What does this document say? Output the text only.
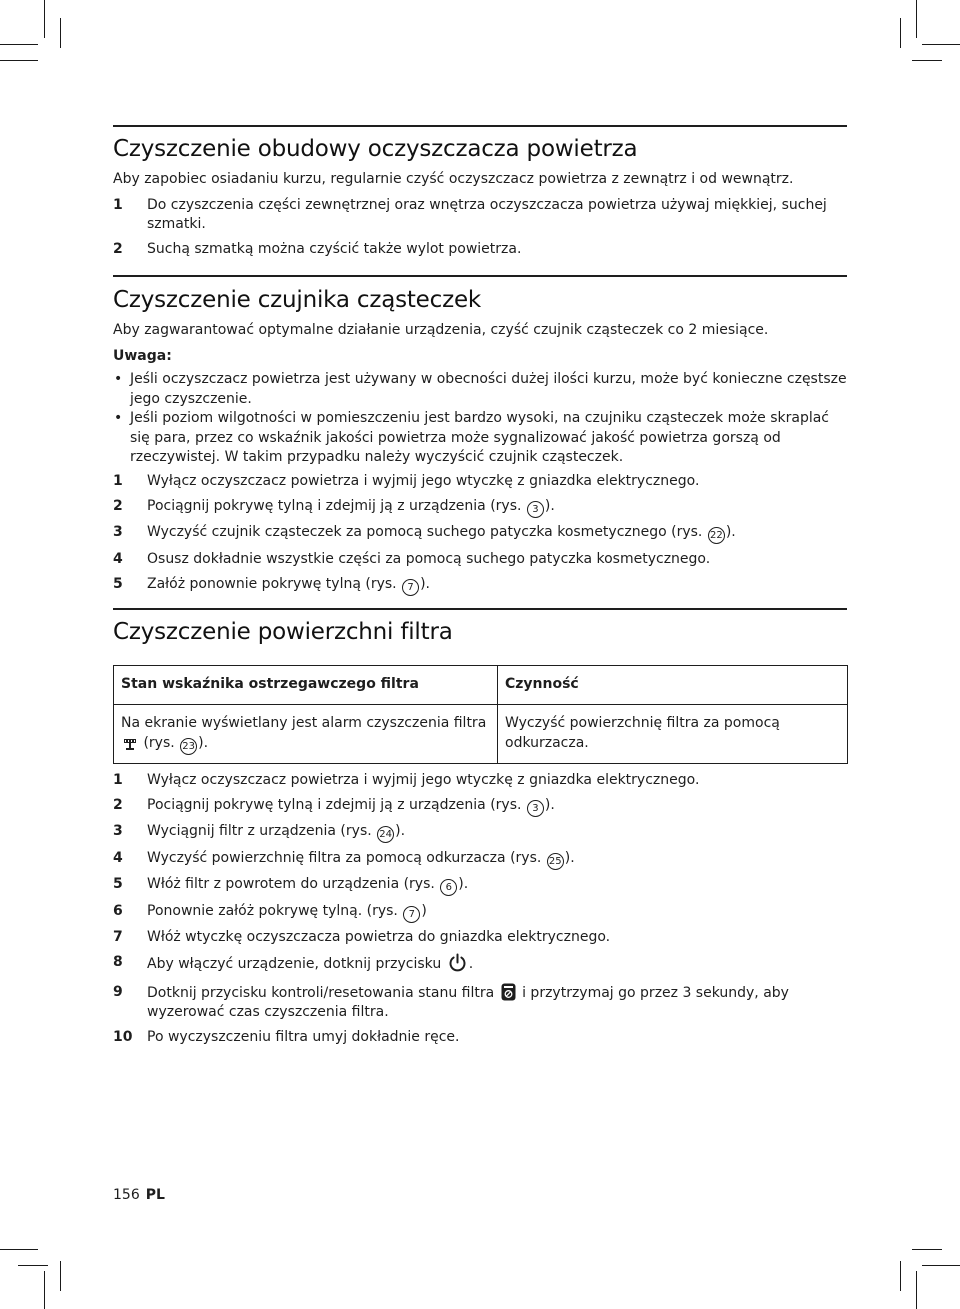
Czyszczenie obudowy oczyszczacza powietrza

Aby zapobiec osiadaniu kurzu, regularnie czyść oczyszczacz powietrza z zewnątrz i od wewnątrz.

1 Do czyszczenia części zewnętrznej oraz wnętrza oczyszczacza powietrza używaj miękkiej, suchej szmatki.
2 Suchą szmatką można czyścić także wylot powietrza.
Czyszczenie czujnika cząsteczek

Aby zagwarantować optymalne działanie urządzenia, czyść czujnik cząsteczek co 2 miesiące.

Uwaga:

• Jeśli oczyszczacz powietrza jest używany w obecności dużej ilości kurzu, może być konieczne częstsze jego czyszczenie.
• Jeśli poziom wilgotności w pomieszczeniu jest bardzo wysoki, na czujniku cząsteczek może skraplać się para, przez co wskaźnik jakości powietrza może sygnalizować jakość powietrza gorszą od rzeczywistej. W takim przypadku należy wyczyścić czujnik cząsteczek.
1 Wyłącz oczyszczacz powietrza i wyjmij jego wtyczkę z gniazdka elektrycznego.
2 Pociągnij pokrywę tylną i zdejmij ją z urządzenia (rys. 3 ).
3 Wyczyść czujnik cząsteczek za pomocą suchego patyczka kosmetycznego (rys. 22 ).
4 Osusz dokładnie wszystkie części za pomocą suchego patyczka kosmetycznego.
5 Załóż ponownie pokrywę tylną (rys. 7 ).
Czyszczenie powierzchni filtra
Stan wskaźnika ostrzegawczego filtra	Czynność
Na ekranie wyświetlany jest alarm czyszczenia filtra
(rys. 23 ).	Wyczyść powierzchnię filtra za pomocą odkurzacza.
1 Wyłącz oczyszczacz powietrza i wyjmij jego wtyczkę z gniazdka elektrycznego.
2 Pociągnij pokrywę tylną i zdejmij ją z urządzenia (rys. 3 ).
3 Wyciągnij filtr z urządzenia (rys. 24 ).
4 Wyczyść powierzchnię filtra za pomocą odkurzacza (rys. 25 ).
5 Włóż filtr z powrotem do urządzenia (rys. 6 ).
6 Ponownie załóż pokrywę tylną. (rys. 7 )
7 Włóż wtyczkę oczyszczacza powietrza do gniazdka elektrycznego.
8 Aby włączyć urządzenie, dotknij przycisku .
9 Dotknij przycisku kontroli/resetowania stanu filtra  i przytrzymaj go przez 3 sekundy, aby wyzerować czas czyszczenia filtra.
10 Po wyczyszczeniu filtra umyj dokładnie ręce.
156 PL
